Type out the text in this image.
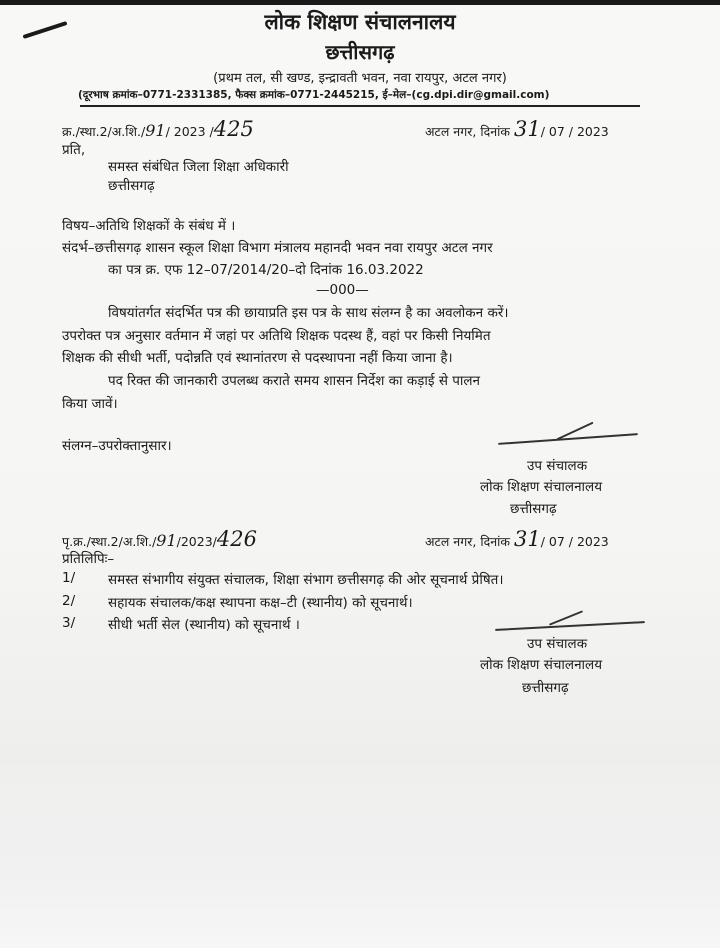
लोक शिक्षण संचालनालय
छत्तीसगढ़
(प्रथम तल, सी खण्ड, इन्द्रावती भवन, नवा रायपुर, अटल नगर)
(दूरभाष क्रमांक–0771-2331385, फैक्स क्रमांक–0771-2445215, ई–मेल–(cg.dpi.dir@gmail.com)
क्र./स्था.2/अ.शि./91/ 2023 /425	अटल नगर, दिनांक 31/ 07 / 2023
प्रति,
समस्त संबंधित जिला शिक्षा अधिकारी
छत्तीसगढ़
विषय–अतिथि शिक्षकों के संबंध में ।
संदर्भ–छत्तीसगढ़ शासन स्कूल शिक्षा विभाग मंत्रालय महानदी भवन नवा रायपुर अटल नगर
का पत्र क्र. एफ 12–07/2014/20–दो दिनांक 16.03.2022
—000—
विषयांतर्गत संदर्भित पत्र की छायाप्रति इस पत्र के साथ संलग्न है का अवलोकन करें।
उपरोक्त पत्र अनुसार वर्तमान में जहां पर अतिथि शिक्षक पदस्थ हैं, वहां पर किसी नियमित
शिक्षक की सीधी भर्ती, पदोन्नति एवं स्थानांतरण से पदस्थापना नहीं किया जाना है।
पद रिक्त की जानकारी उपलब्ध कराते समय शासन निर्देश का कड़ाई से पालन
किया जावें।
संलग्न–उपरोक्तानुसार।
उप संचालक
लोक शिक्षण संचालनालय
छत्तीसगढ़
पृ.क्र./स्था.2/अ.शि./91/2023/426	अटल नगर, दिनांक 31/ 07 / 2023
प्रतिलिपिः–
1/ समस्त संभागीय संयुक्त संचालक, शिक्षा संभाग छत्तीसगढ़ की ओर सूचनार्थ प्रेषित।
2/ सहायक संचालक/कक्ष स्थापना कक्ष–टी (स्थानीय) को सूचनार्थ।
3/ सीधी भर्ती सेल (स्थानीय) को सूचनार्थ ।
उप संचालक
लोक शिक्षण संचालनालय
छत्तीसगढ़
